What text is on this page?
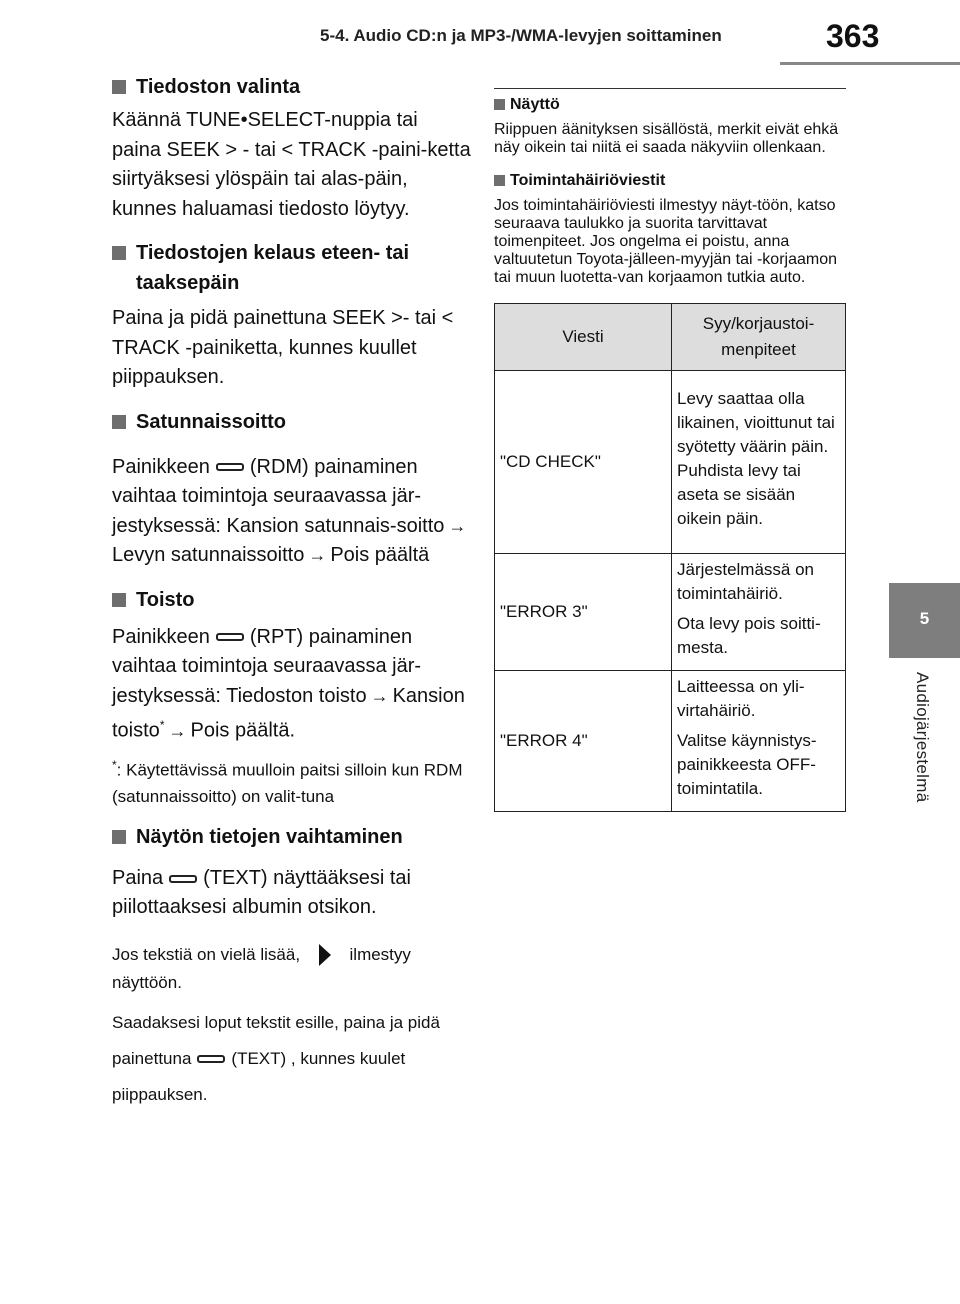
5-4. Audio CD:n ja MP3-/WMA-levyjen soittaminen	363
5
Audiojärjestelmä
Tiedoston valinta
Käännä TUNE•SELECT-nuppia tai paina SEEK > - tai < TRACK -paini-ketta siirtyäksesi ylöspäin tai alas-päin, kunnes haluamasi tiedosto löytyy.
Tiedostojen kelaus eteen- tai taaksepäin
Paina ja pidä painettuna SEEK >- tai < TRACK -painiketta, kunnes kuullet piippauksen.
Satunnaissoitto
Painikkeen (RDM) painaminen vaihtaa toimintoja seuraavassa jär-jestyksessä: Kansion satunnais-soitto →Levyn satunnaissoitto → Pois päältä
Toisto
Painikkeen (RPT) painaminen vaihtaa toimintoja seuraavassa jär-jestyksessä: Tiedoston toisto → Kansion toisto* → Pois päältä.
*: Käytettävissä muulloin paitsi silloin kun RDM (satunnaissoitto) on valit-tuna
Näytön tietojen vaihtaminen
Paina (TEXT) näyttääksesi tai piilottaaksesi albumin otsikon.
Jos tekstiä on vielä lisää,	ilmestyy näyttöön.
Saadaksesi loput tekstit esille, paina ja pidä painettuna (TEXT) , kunnes kuulet piippauksen.
Näyttö
Riippuen äänityksen sisällöstä, merkit eivät ehkä näy oikein tai niitä ei saada näkyviin ollenkaan.
Toimintahäiriöviestit
Jos toimintahäiriöviesti ilmestyy näyt-töön, katso seuraava taulukko ja suorita tarvittavat toimenpiteet. Jos ongelma ei poistu, anna valtuutetun Toyota-jälleen-myyjän tai -korjaamon tai muun luotetta-van korjaamon tutkia auto.
Viesti	Syy/korjaustoi-menpiteet
"CD CHECK"	Levy saattaa olla likainen, vioittunut tai syötetty väärin päin. Puhdista levy tai aseta se sisään oikein päin.

"ERROR 3"	Järjestelmässä on toimintahäiriö.

Ota levy pois soitti-mesta.

"ERROR 4"	Laitteessa on yli-virtahäiriö.

Valitse käynnistys-painikkeesta OFF-toimintatila.
